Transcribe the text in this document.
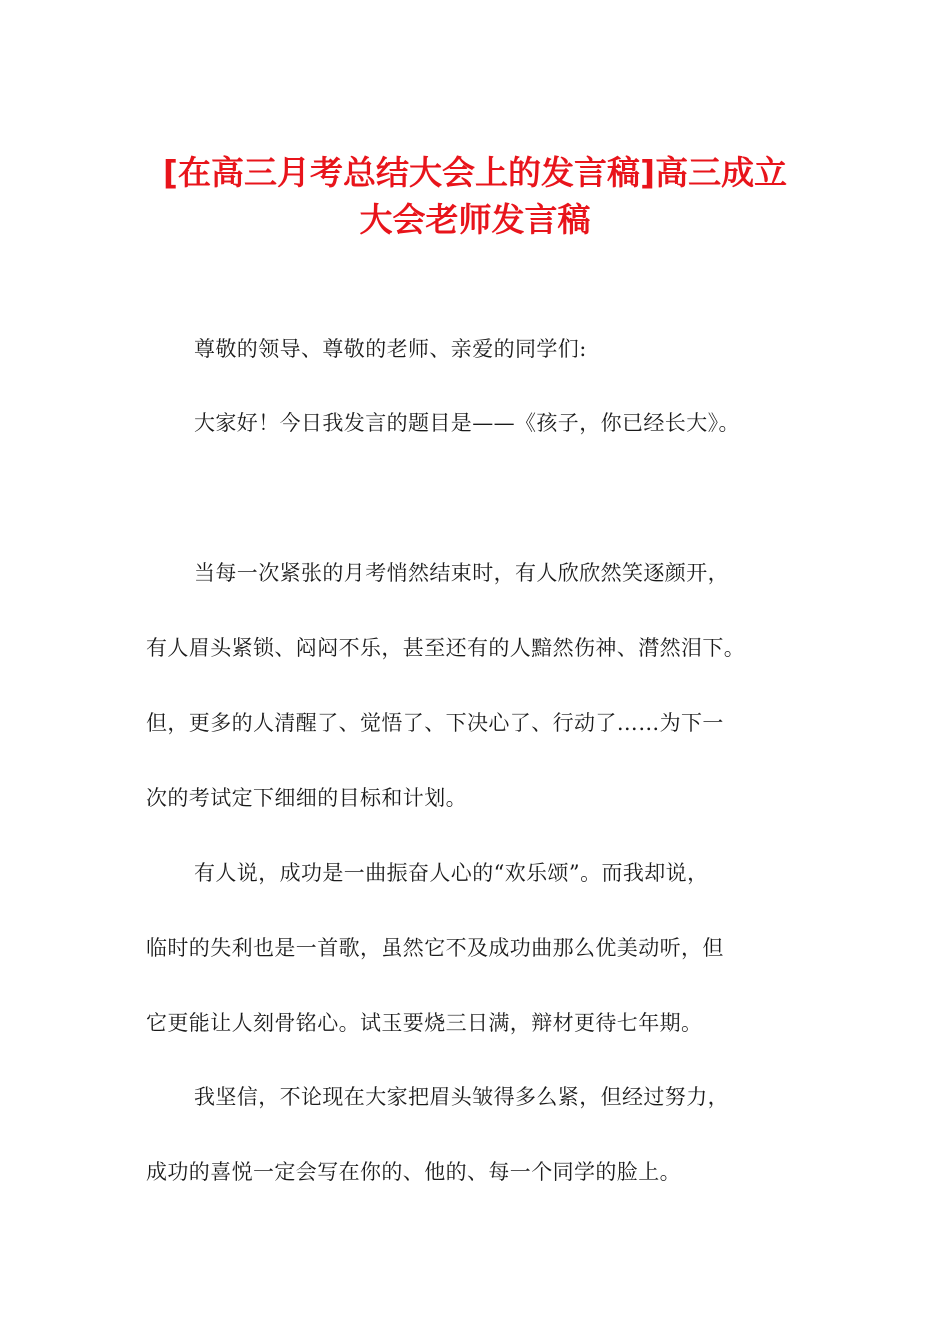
[在高三月考总结大会上的发言稿]高三成立
大会老师发言稿
尊敬的领导、尊敬的老师、亲爱的同学们:
大家好！今日我发言的题目是——《孩子，你已经长大》。
当每一次紧张的月考悄然结束时，有人欣欣然笑逐颜开，
有人眉头紧锁、闷闷不乐，甚至还有的人黯然伤神、潸然泪下。
但，更多的人清醒了、觉悟了、下决心了、行动了……为下一
次的考试定下细细的目标和计划。
有人说，成功是一曲振奋人心的“欢乐颂”。而我却说，
临时的失利也是一首歌，虽然它不及成功曲那么优美动听，但
它更能让人刻骨铭心。试玉要烧三日满，辩材更待七年期。
我坚信，不论现在大家把眉头皱得多么紧，但经过努力，
成功的喜悦一定会写在你的、他的、每一个同学的脸上。
